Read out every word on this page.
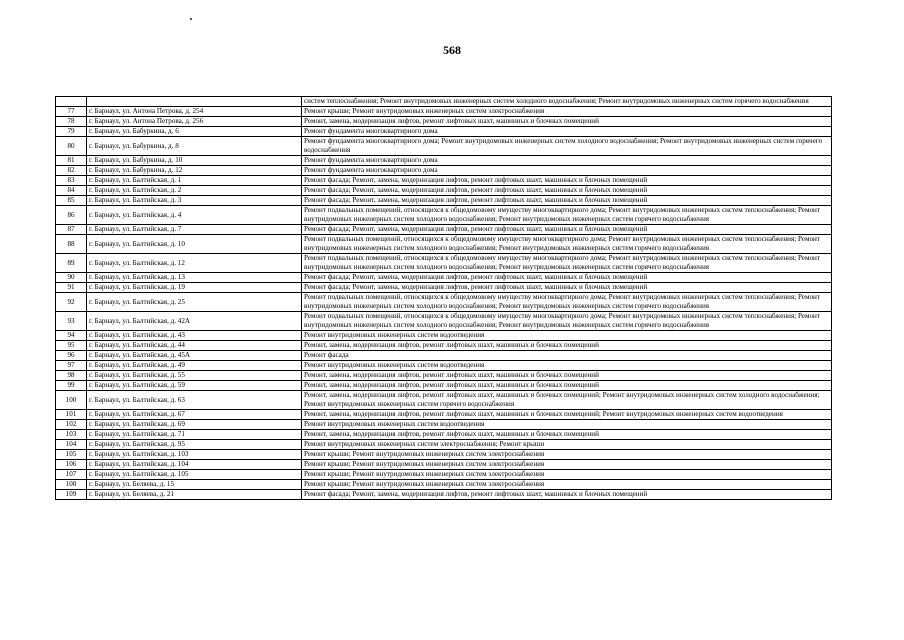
568
		систем теплоснабжения; Ремонт внутридомовых инженерных систем холодного водоснабжения; Ремонт внутридомовых инженерных систем горячего водоснабжения
77	г. Барнаул, ул. Антона Петрова, д. 254	Ремонт крыши; Ремонт внутридомовых инженерных систем электроснабжения
78	г. Барнаул, ул. Антона Петрова, д. 256	Ремонт, замена, модернизация лифтов, ремонт лифтовых шахт, машинных и блочных помещений
79	г. Барнаул, ул. Бабуркина, д. 6	Ремонт фундамента многоквартирного дома
80	г. Барнаул, ул. Бабуркина, д. 8	Ремонт фундамента многоквартирного дома; Ремонт внутридомовых инженерных систем холодного водоснабжения; Ремонт внутридомовых инженерных систем горячего водоснабжения
81	г. Барнаул, ул. Бабуркина, д. 10	Ремонт фундамента многоквартирного дома
82	г. Барнаул, ул. Бабуркина, д. 12	Ремонт фундамента многоквартирного дома
83	г. Барнаул, ул. Балтийская, д. 1	Ремонт фасада; Ремонт, замена, модернизация лифтов, ремонт лифтовых шахт, машинных и блочных помещений
84	г. Барнаул, ул. Балтийская, д. 2	Ремонт фасада; Ремонт, замена, модернизация лифтов, ремонт лифтовых шахт, машинных и блочных помещений
85	г. Барнаул, ул. Балтийская, д. 3	Ремонт фасада; Ремонт, замена, модернизация лифтов, ремонт лифтовых шахт, машинных и блочных помещений
86	г. Барнаул, ул. Балтийская, д. 4	Ремонт подвальных помещений, относящихся к общедомовому имуществу многоквартирного дома; Ремонт внутридомовых инженерных систем теплоснабжения; Ремонт внутридомовых инженерных систем холодного водоснабжения; Ремонт внутридомовых инженерных систем горячего водоснабжения
87	г. Барнаул, ул. Балтийская, д. 7	Ремонт фасада; Ремонт, замена, модернизация лифтов, ремонт лифтовых шахт, машинных и блочных помещений
88	г. Барнаул, ул. Балтийская, д. 10	Ремонт подвальных помещений, относящихся к общедомовому имуществу многоквартирного дома; Ремонт внутридомовых инженерных систем теплоснабжения; Ремонт внутридомовых инженерных систем холодного водоснабжения; Ремонт внутридомовых инженерных систем горячего водоснабжения
89	г. Барнаул, ул. Балтийская, д. 12	Ремонт подвальных помещений, относящихся к общедомовому имуществу многоквартирного дома; Ремонт внутридомовых инженерных систем теплоснабжения; Ремонт внутридомовых инженерных систем холодного водоснабжения; Ремонт внутридомовых инженерных систем горячего водоснабжения
90	г. Барнаул, ул. Балтийская, д. 13	Ремонт фасада; Ремонт, замена, модернизация лифтов, ремонт лифтовых шахт, машинных и блочных помещений
91	г. Барнаул, ул. Балтийская, д. 19	Ремонт фасада; Ремонт, замена, модернизация лифтов, ремонт лифтовых шахт, машинных и блочных помещений
92	г. Барнаул, ул. Балтийская, д. 25	Ремонт подвальных помещений, относящихся к общедомовому имуществу многоквартирного дома; Ремонт внутридомовых инженерных систем теплоснабжения; Ремонт внутридомовых инженерных систем холодного водоснабжения; Ремонт внутридомовых инженерных систем горячего водоснабжения
93	г. Барнаул, ул. Балтийская, д. 42А	Ремонт подвальных помещений, относящихся к общедомовому имуществу многоквартирного дома; Ремонт внутридомовых инженерных систем теплоснабжения; Ремонт внутридомовых инженерных систем холодного водоснабжения; Ремонт внутридомовых инженерных систем горячего водоснабжения
94	г. Барнаул, ул. Балтийская, д. 43	Ремонт внутридомовых инженерных систем водоотведения
95	г. Барнаул, ул. Балтийская, д. 44	Ремонт, замена, модернизация лифтов, ремонт лифтовых шахт, машинных и блочных помещений
96	г. Барнаул, ул. Балтийская, д. 45А	Ремонт фасада
97	г. Барнаул, ул. Балтийская, д. 49	Ремонт внутридомовых инженерных систем водоотведения
98	г. Барнаул, ул. Балтийская, д. 55	Ремонт, замена, модернизация лифтов, ремонт лифтовых шахт, машинных и блочных помещений
99	г. Барнаул, ул. Балтийская, д. 59	Ремонт, замена, модернизация лифтов, ремонт лифтовых шахт, машинных и блочных помещений
100	г. Барнаул, ул. Балтийская, д. 63	Ремонт, замена, модернизация лифтов, ремонт лифтовых шахт, машинных и блочных помещений; Ремонт внутридомовых инженерных систем холодного водоснабжения; Ремонт внутридомовых инженерных систем горячего водоснабжения
101	г. Барнаул, ул. Балтийская, д. 67	Ремонт, замена, модернизация лифтов, ремонт лифтовых шахт, машинных и блочных помещений; Ремонт внутридомовых инженерных систем водоотведения
102	г. Барнаул, ул. Балтийская, д. 69	Ремонт внутридомовых инженерных систем водоотведения
103	г. Барнаул, ул. Балтийская, д. 71	Ремонт, замена, модернизация лифтов, ремонт лифтовых шахт, машинных и блочных помещений
104	г. Барнаул, ул. Балтийская, д. 95	Ремонт внутридомовых инженерных систем электроснабжения; Ремонт крыши
105	г. Барнаул, ул. Балтийская, д. 103	Ремонт крыши; Ремонт внутридомовых инженерных систем электроснабжения
106	г. Барнаул, ул. Балтийская, д. 104	Ремонт крыши; Ремонт внутридомовых инженерных систем электроснабжения
107	г. Барнаул, ул. Балтийская, д. 105	Ремонт крыши; Ремонт внутридомовых инженерных систем электроснабжения
108	г. Барнаул, ул. Беляева, д. 15	Ремонт крыши; Ремонт внутридомовых инженерных систем электроснабжения
109	г. Барнаул, ул. Беляева, д. 21	Ремонт фасада; Ремонт, замена, модернизация лифтов, ремонт лифтовых шахт, машинных и блочных помещений
